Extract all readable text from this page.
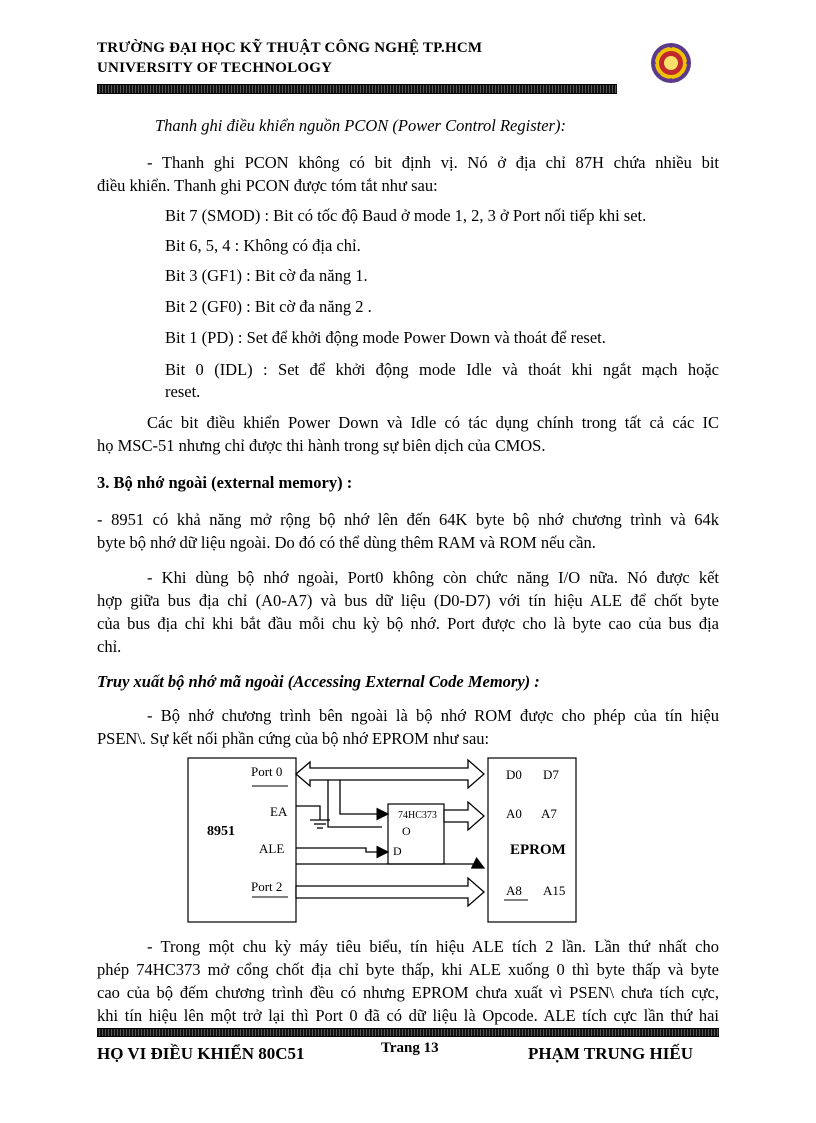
TRƯỜNG ĐẠI HỌC KỸ THUẬT CÔNG NGHỆ TP.HCM
UNIVERSITY OF TECHNOLOGY
Thanh ghi điều khiển nguồn PCON (Power Control Register):
- Thanh ghi PCON không có bit định vị. Nó ở địa chỉ 87H chứa nhiều bit
điều khiển. Thanh ghi PCON được tóm tắt như sau:
Bit 7 (SMOD) : Bit có tốc độ Baud ở mode 1, 2, 3 ở Port nối tiếp khi set.
Bit 6, 5, 4 : Không có địa chỉ.
Bit 3 (GF1) : Bit cờ đa năng 1.
Bit 2 (GF0) : Bit cờ đa năng 2 .
Bit 1 (PD) : Set để khởi động mode Power Down và thoát để reset.
Bit 0 (IDL) : Set để khởi động mode Idle và thoát khi ngắt mạch hoặc
reset.
Các bit điều khiển Power Down và Idle có tác dụng chính trong tất cả các IC
họ MSC-51 nhưng chỉ được thi hành trong sự biên dịch của CMOS.
3. Bộ nhớ ngoài (external memory) :
- 8951 có khả năng mở rộng bộ nhớ lên đến 64K byte bộ nhớ chương trình và 64k
byte bộ nhớ dữ liệu ngoài. Do đó có thể dùng thêm RAM và ROM nếu cần.
- Khi dùng bộ nhớ ngoài, Port0 không còn chức năng I/O nữa. Nó được kết
hợp giữa bus địa chỉ (A0-A7) và bus dữ liệu (D0-D7) với tín hiệu ALE để chốt byte
của bus địa chỉ khi bắt đầu mỗi chu kỳ bộ nhớ. Port được cho là byte cao của bus địa
chỉ.
Truy xuất bộ nhớ mã ngoài (Accessing External Code Memory) :
- Bộ nhớ chương trình bên ngoài là bộ nhớ ROM được cho phép của tín hiệu
PSEN\. Sự kết nối phần cứng của bộ nhớ EPROM như sau:
Port 0
EA
8951
ALE
Port 2
74HC373
O
D
D0 D7
A0 A7
EPROM
A8 A15
- Trong một chu kỳ máy tiêu biểu, tín hiệu ALE tích 2 lần. Lần thứ nhất cho
phép 74HC373 mở cổng chốt địa chỉ byte thấp, khi ALE xuống 0 thì byte thấp và byte
cao của bộ đếm chương trình đều có nhưng EPROM chưa xuất vì PSEN\ chưa tích cực,
khi tín hiệu lên một trở lại thì Port 0 đã có dữ liệu là Opcode. ALE tích cực lần thứ hai
HỌ VI ĐIỀU KHIỂN 80C51	Trang 13	PHẠM TRUNG HIẾU
